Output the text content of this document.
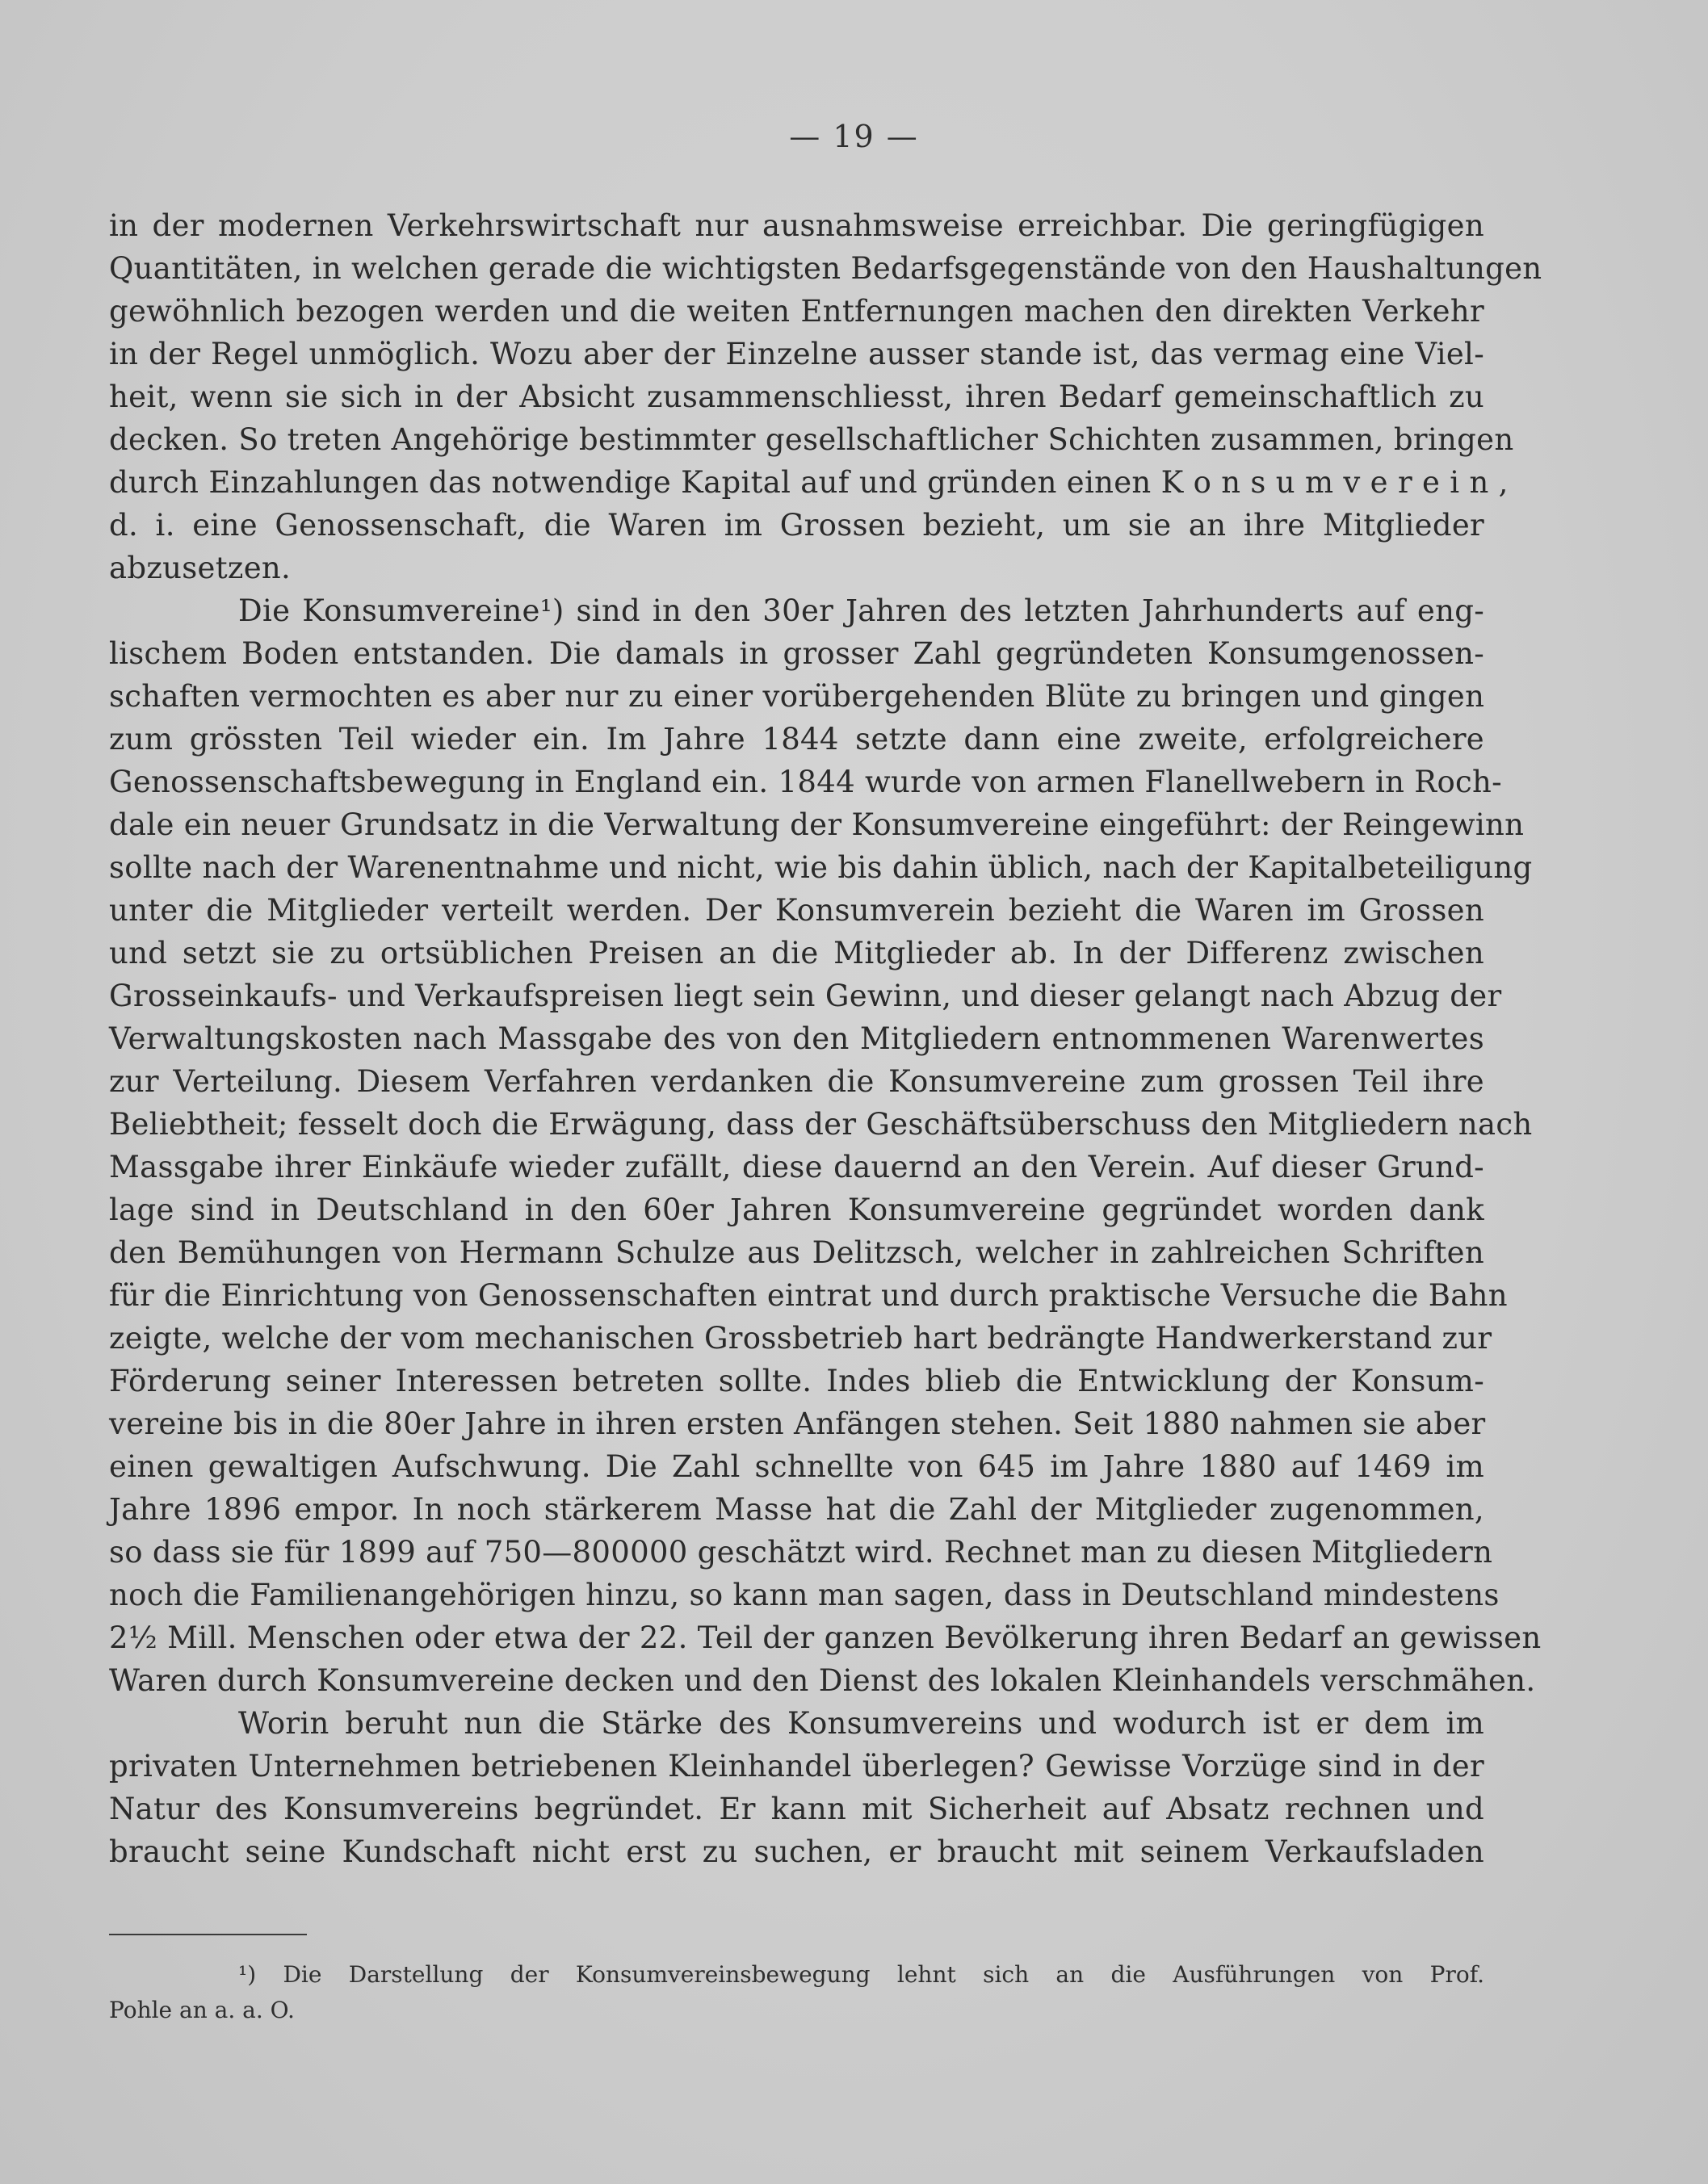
— 19 —
in der modernen Verkehrswirtschaft nur ausnahmsweise erreichbar. Die geringfügigen
Quantitäten, in welchen gerade die wichtigsten Bedarfsgegenstände von den Haushaltungen
gewöhnlich bezogen werden und die weiten Entfernungen machen den direkten Verkehr
in der Regel unmöglich. Wozu aber der Einzelne ausser stande ist, das vermag eine Viel-
heit, wenn sie sich in der Absicht zusammenschliesst, ihren Bedarf gemeinschaftlich zu
decken. So treten Angehörige bestimmter gesellschaftlicher Schichten zusammen, bringen
durch Einzahlungen das notwendige Kapital auf und gründen einen K o n s u m v e r e i n ,
d. i. eine Genossenschaft, die Waren im Grossen bezieht, um sie an ihre Mitglieder
abzusetzen.
Die Konsumvereine¹) sind in den 30er Jahren des letzten Jahrhunderts auf eng-
lischem Boden entstanden. Die damals in grosser Zahl gegründeten Konsumgenossen-
schaften vermochten es aber nur zu einer vorübergehenden Blüte zu bringen und gingen
zum grössten Teil wieder ein. Im Jahre 1844 setzte dann eine zweite, erfolgreichere
Genossenschaftsbewegung in England ein. 1844 wurde von armen Flanellwebern in Roch-
dale ein neuer Grundsatz in die Verwaltung der Konsumvereine eingeführt: der Reingewinn
sollte nach der Warenentnahme und nicht, wie bis dahin üblich, nach der Kapitalbeteiligung
unter die Mitglieder verteilt werden. Der Konsumverein bezieht die Waren im Grossen
und setzt sie zu ortsüblichen Preisen an die Mitglieder ab. In der Differenz zwischen
Grosseinkaufs- und Verkaufspreisen liegt sein Gewinn, und dieser gelangt nach Abzug der
Verwaltungskosten nach Massgabe des von den Mitgliedern entnommenen Warenwertes
zur Verteilung. Diesem Verfahren verdanken die Konsumvereine zum grossen Teil ihre
Beliebtheit; fesselt doch die Erwägung, dass der Geschäftsüberschuss den Mitgliedern nach
Massgabe ihrer Einkäufe wieder zufällt, diese dauernd an den Verein. Auf dieser Grund-
lage sind in Deutschland in den 60er Jahren Konsumvereine gegründet worden dank
den Bemühungen von Hermann Schulze aus Delitzsch, welcher in zahlreichen Schriften
für die Einrichtung von Genossenschaften eintrat und durch praktische Versuche die Bahn
zeigte, welche der vom mechanischen Grossbetrieb hart bedrängte Handwerkerstand zur
Förderung seiner Interessen betreten sollte. Indes blieb die Entwicklung der Konsum-
vereine bis in die 80er Jahre in ihren ersten Anfängen stehen. Seit 1880 nahmen sie aber
einen gewaltigen Aufschwung. Die Zahl schnellte von 645 im Jahre 1880 auf 1469 im
Jahre 1896 empor. In noch stärkerem Masse hat die Zahl der Mitglieder zugenommen,
so dass sie für 1899 auf 750—800000 geschätzt wird. Rechnet man zu diesen Mitgliedern
noch die Familienangehörigen hinzu, so kann man sagen, dass in Deutschland mindestens
2½ Mill. Menschen oder etwa der 22. Teil der ganzen Bevölkerung ihren Bedarf an gewissen
Waren durch Konsumvereine decken und den Dienst des lokalen Kleinhandels verschmähen.
Worin beruht nun die Stärke des Konsumvereins und wodurch ist er dem im
privaten Unternehmen betriebenen Kleinhandel überlegen? Gewisse Vorzüge sind in der
Natur des Konsumvereins begründet. Er kann mit Sicherheit auf Absatz rechnen und
braucht seine Kundschaft nicht erst zu suchen, er braucht mit seinem Verkaufsladen
¹) Die Darstellung der Konsumvereinsbewegung lehnt sich an die Ausführungen von Prof.
Pohle an a. a. O.
